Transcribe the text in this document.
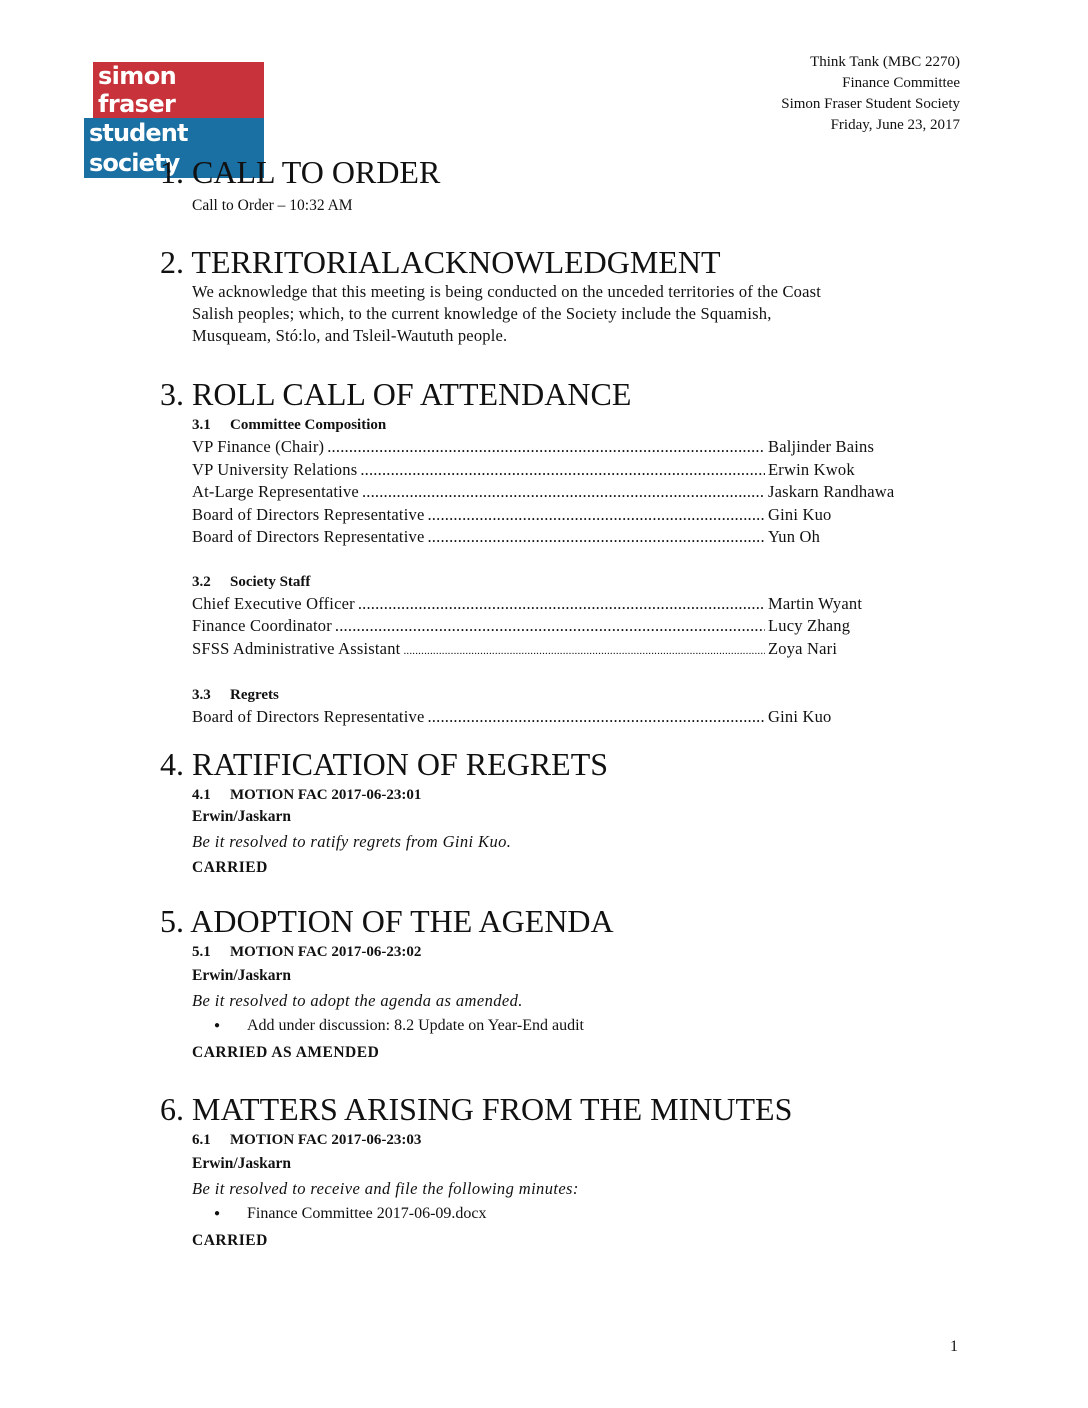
simon fraser
student society
Think Tank (MBC 2270)
Finance Committee
Simon Fraser Student Society
Friday, June 23, 2017
1. CALL TO ORDER
Call to Order – 10:32 AM
2. TERRITORIALACKNOWLEDGMENT
We acknowledge that this meeting is being conducted on the unceded territories of the Coast
Salish peoples; which, to the current knowledge of the Society include the Squamish,
Musqueam, Stó:lo, and Tsleil-Waututh people.
3. ROLL CALL OF ATTENDANCE
3.1 Committee Composition
VP Finance (Chair) .....	Baljinder Bains
VP University Relations .....	Erwin Kwok
At-Large Representative .....	Jaskarn Randhawa
Board of Directors Representative .....	Gini Kuo
Board of Directors Representative .....	Yun Oh
3.2 Society Staff
Chief Executive Officer .....	Martin Wyant
Finance Coordinator .....	Lucy Zhang
SFSS Administrative Assistant .....	Zoya Nari
3.3 Regrets
Board of Directors Representative .....	Gini Kuo
4. RATIFICATION OF REGRETS
4.1 MOTION FAC 2017-06-23:01
Erwin/Jaskarn
Be it resolved to ratify regrets from Gini Kuo.
CARRIED
5. ADOPTION OF THE AGENDA
5.1 MOTION FAC 2017-06-23:02
Erwin/Jaskarn
Be it resolved to adopt the agenda as amended.
●	Add under discussion: 8.2 Update on Year-End audit
CARRIED AS AMENDED
6. MATTERS ARISING FROM THE MINUTES
6.1 MOTION FAC 2017-06-23:03
Erwin/Jaskarn
Be it resolved to receive and file the following minutes:
●	Finance Committee 2017-06-09.docx
CARRIED
1
